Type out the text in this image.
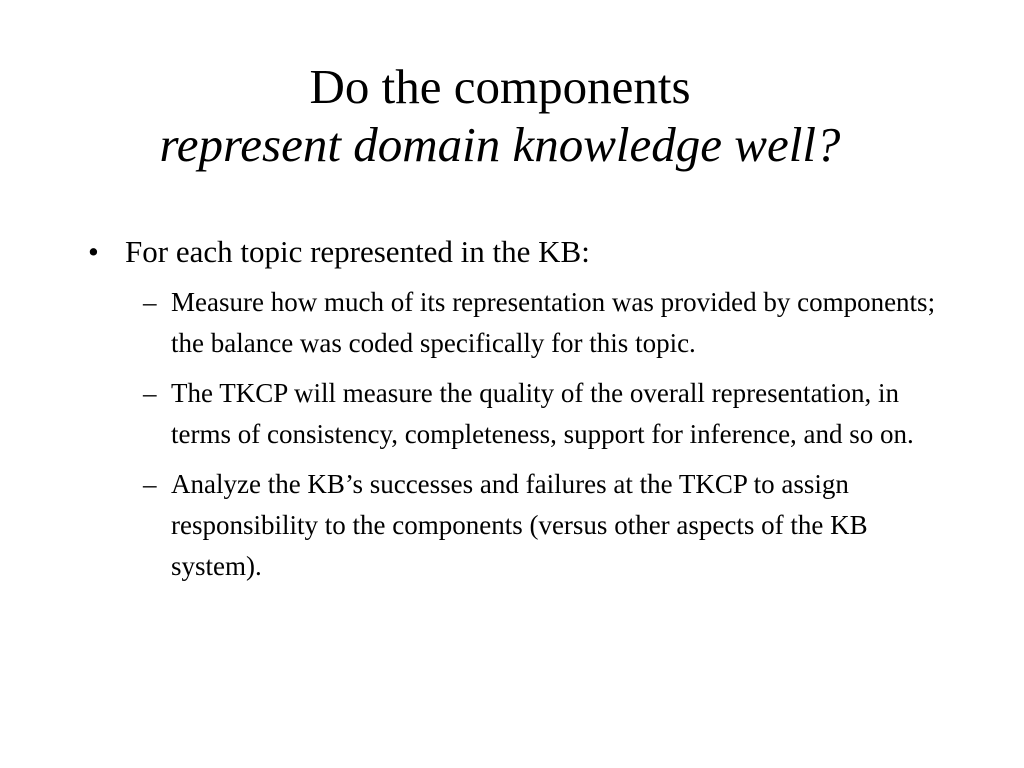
Do the components
represent domain knowledge well?
• For each topic represented in the KB:
– Measure how much of its representation was provided by components; the balance was coded specifically for this topic.
– The TKCP will measure the quality of the overall representation, in terms of consistency, completeness, support for inference, and so on.
– Analyze the KB’s successes and failures at the TKCP to assign responsibility to the components (versus other aspects of the KB system).
